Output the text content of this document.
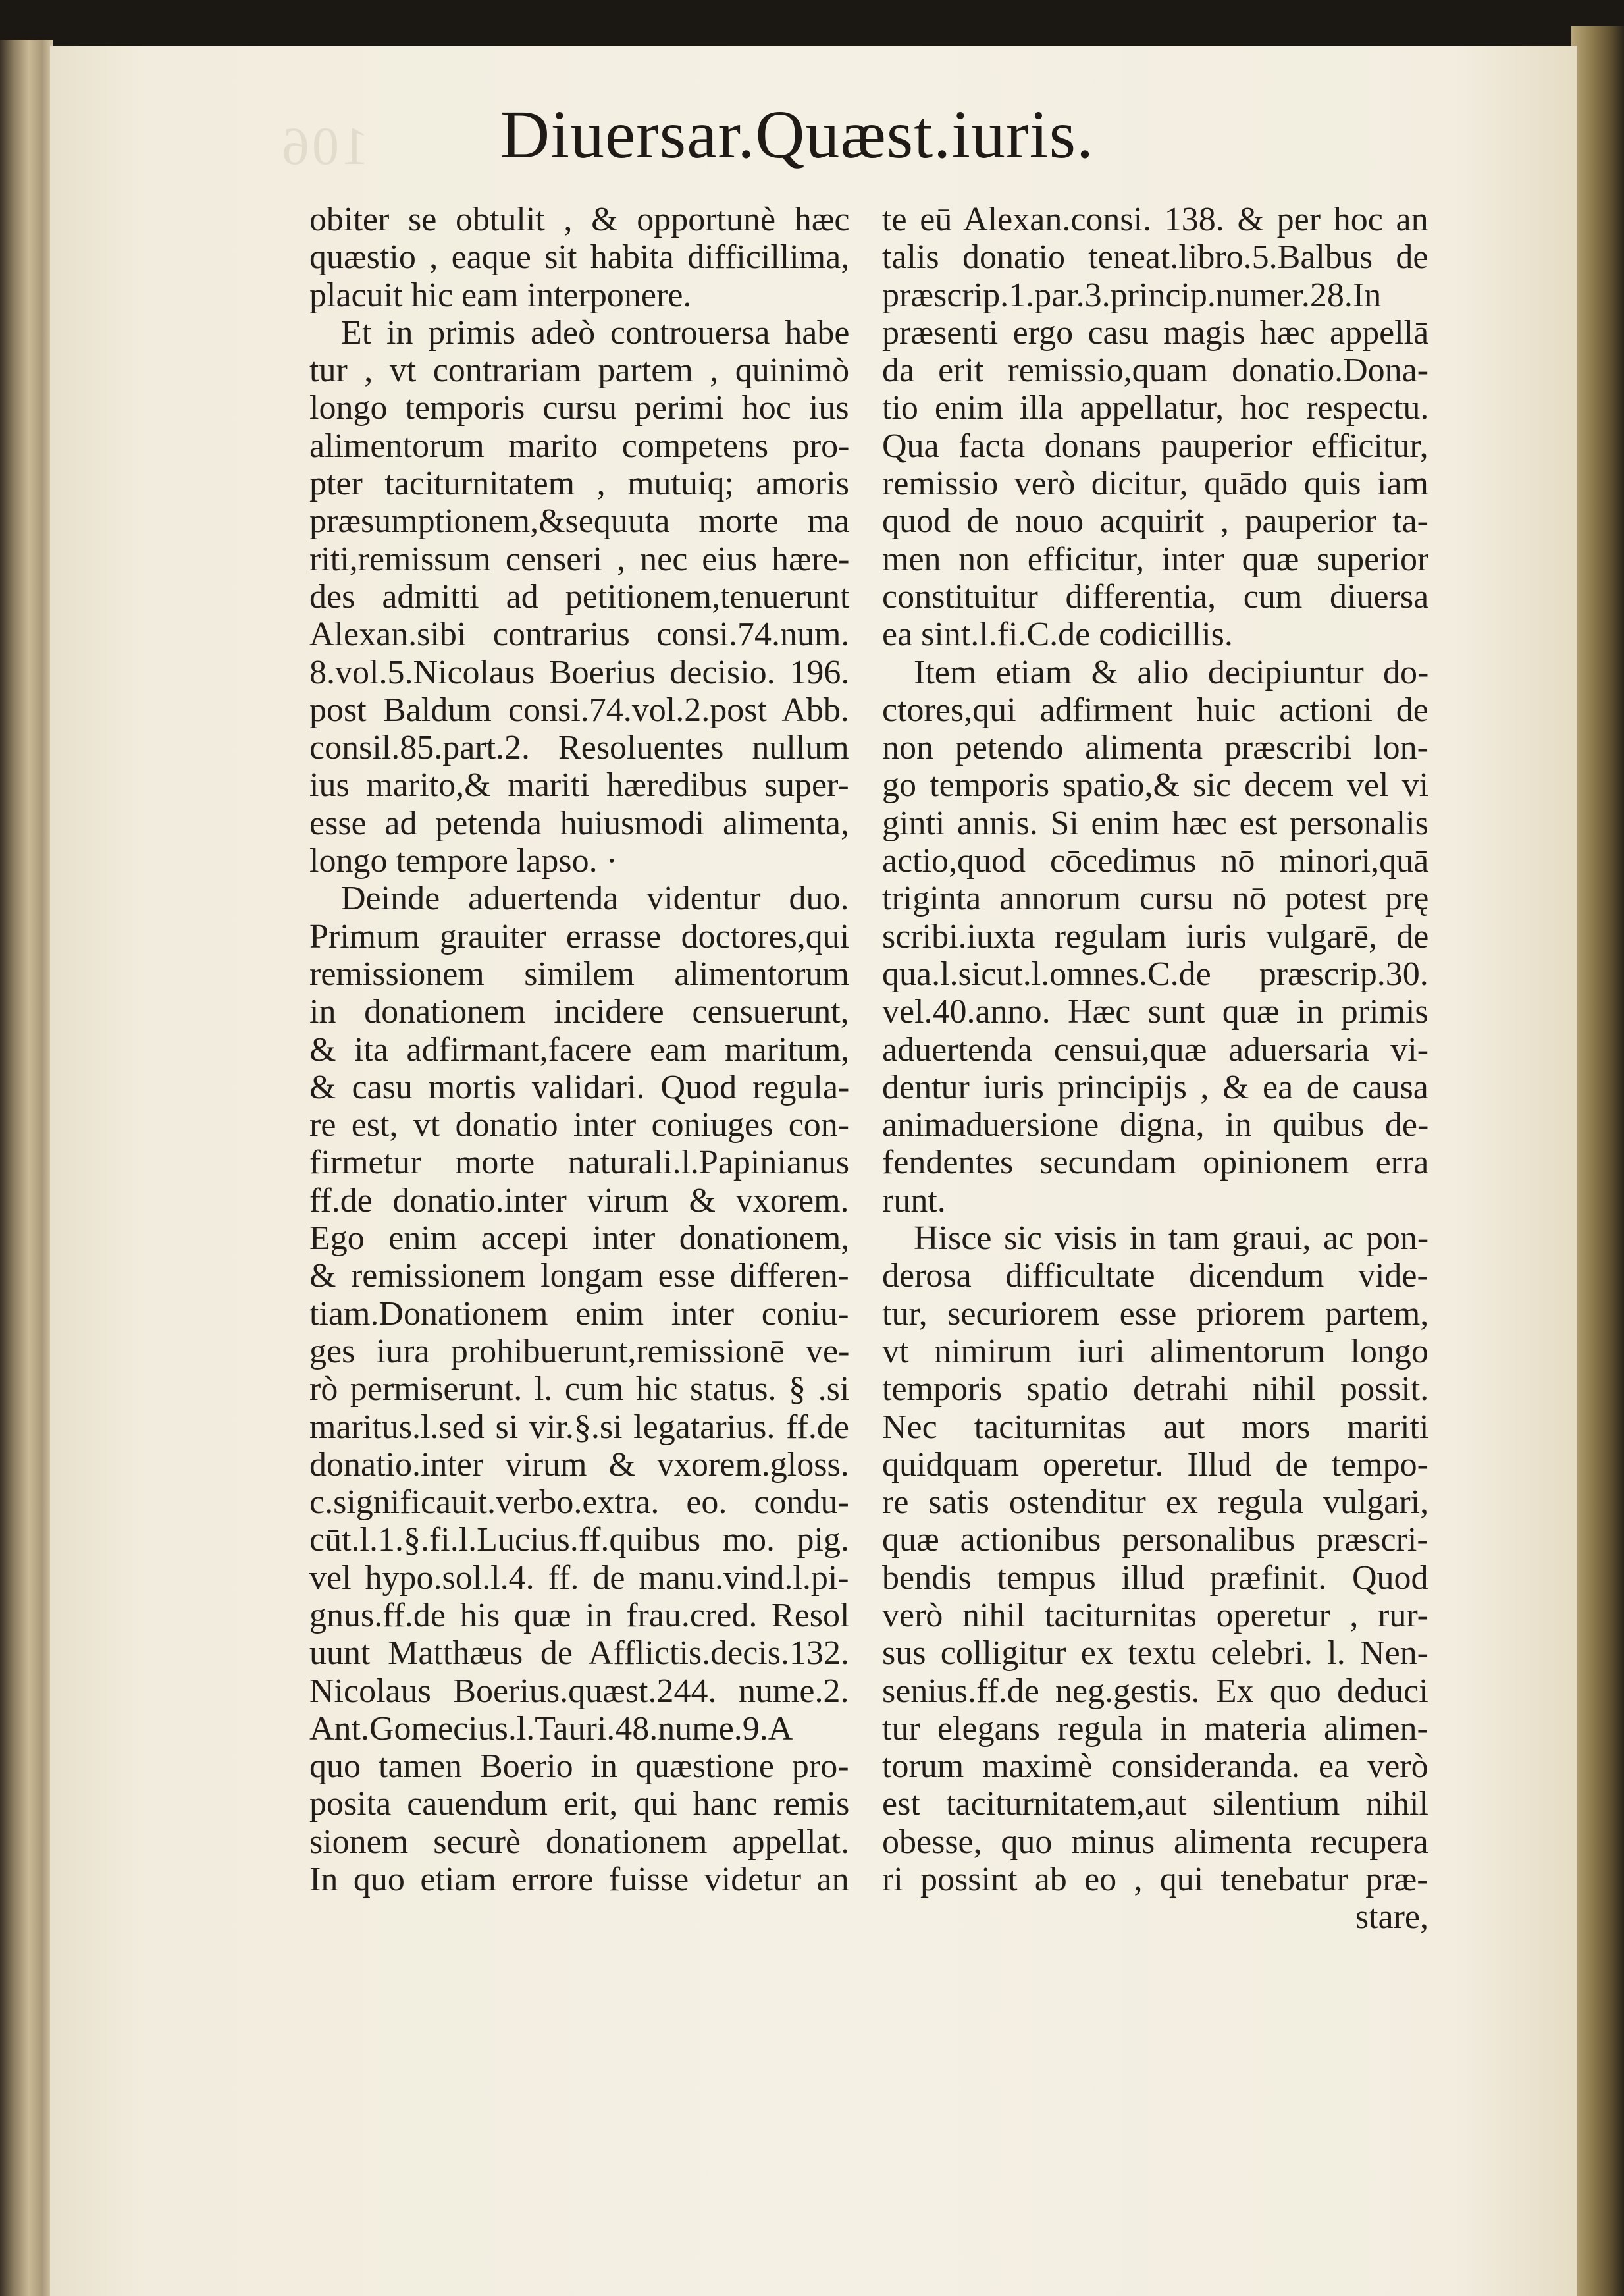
106 Diuersar.Quæst.iuris.
obiter se obtulit , & opportunè hæc
quæstio , eaque sit habita difficillima,
placuit hic eam interponere.
Et in primis adeò controuersa habe
tur , vt contrariam partem , quinimò
longo temporis cursu perimi hoc ius
alimentorum marito competens pro-
pter taciturnitatem , mutuiq; amoris
præsumptionem,&sequuta morte ma
riti,remissum censeri , nec eius hære-
des admitti ad petitionem,tenuerunt
Alexan.sibi contrarius consi.74.num.
8.vol.5.Nicolaus Boerius decisio. 196.
post Baldum consi.74.vol.2.post Abb.
consil.85.part.2. Resoluentes nullum
ius marito,& mariti hæredibus super-
esse ad petenda huiusmodi alimenta,
longo tempore lapso. ·
Deinde aduertenda videntur duo.
Primum grauiter errasse doctores,qui
remissionem similem alimentorum
in donationem incidere censuerunt,
& ita adfirmant,facere eam maritum,
& casu mortis validari. Quod regula-
re est, vt donatio inter coniuges con-
firmetur morte naturali.l.Papinianus
ff.de donatio.inter virum & vxorem.
Ego enim accepi inter donationem,
& remissionem longam esse differen-
tiam.Donationem enim inter coniu-
ges iura prohibuerunt,remissionē ve-
rò permiserunt. l. cum hic status. § .si
maritus.l.sed si vir.§.si legatarius. ff.de
donatio.inter virum & vxorem.gloss.
c.significauit.verbo.extra. eo. condu-
cūt.l.1.§.fi.l.Lucius.ff.quibus mo. pig.
vel hypo.sol.l.4. ff. de manu.vind.l.pi-
gnus.ff.de his quæ in frau.cred. Resol
uunt Matthæus de Afflictis.decis.132.
Nicolaus Boerius.quæst.244. nume.2.
Ant.Gomecius.l.Tauri.48.nume.9.A
quo tamen Boerio in quæstione pro-
posita cauendum erit, qui hanc remis
sionem securè donationem appellat.
In quo etiam errore fuisse videtur an
te eū Alexan.consi. 138. & per hoc an
talis donatio teneat.libro.5.Balbus de
præscrip.1.par.3.princip.numer.28.In
præsenti ergo casu magis hæc appellā
da erit remissio,quam donatio.Dona-
tio enim illa appellatur, hoc respectu.
Qua facta donans pauperior efficitur,
remissio verò dicitur, quādo quis iam
quod de nouo acquirit , pauperior ta-
men non efficitur, inter quæ superior
constituitur differentia, cum diuersa
ea sint.l.fi.C.de codicillis.
Item etiam & alio decipiuntur do-
ctores,qui adfirment huic actioni de
non petendo alimenta præscribi lon-
go temporis spatio,& sic decem vel vi
ginti annis. Si enim hæc est personalis
actio,quod cōcedimus nō minori,quā
triginta annorum cursu nō potest prę
scribi.iuxta regulam iuris vulgarē, de
qua.l.sicut.l.omnes.C.de præscrip.30.
vel.40.anno. Hæc sunt quæ in primis
aduertenda censui,quæ aduersaria vi-
dentur iuris principijs , & ea de causa
animaduersione digna, in quibus de-
fendentes secundam opinionem erra
runt.
Hisce sic visis in tam graui, ac pon-
derosa difficultate dicendum vide-
tur, securiorem esse priorem partem,
vt nimirum iuri alimentorum longo
temporis spatio detrahi nihil possit.
Nec taciturnitas aut mors mariti
quidquam operetur. Illud de tempo-
re satis ostenditur ex regula vulgari,
quæ actionibus personalibus præscri-
bendis tempus illud præfinit. Quod
verò nihil taciturnitas operetur , rur-
sus colligitur ex textu celebri. l. Nen-
senius.ff.de neg.gestis. Ex quo deduci
tur elegans regula in materia alimen-
torum maximè consideranda. ea verò
est taciturnitatem,aut silentium nihil
obesse, quo minus alimenta recupera
ri possint ab eo , qui tenebatur præ-
stare,
